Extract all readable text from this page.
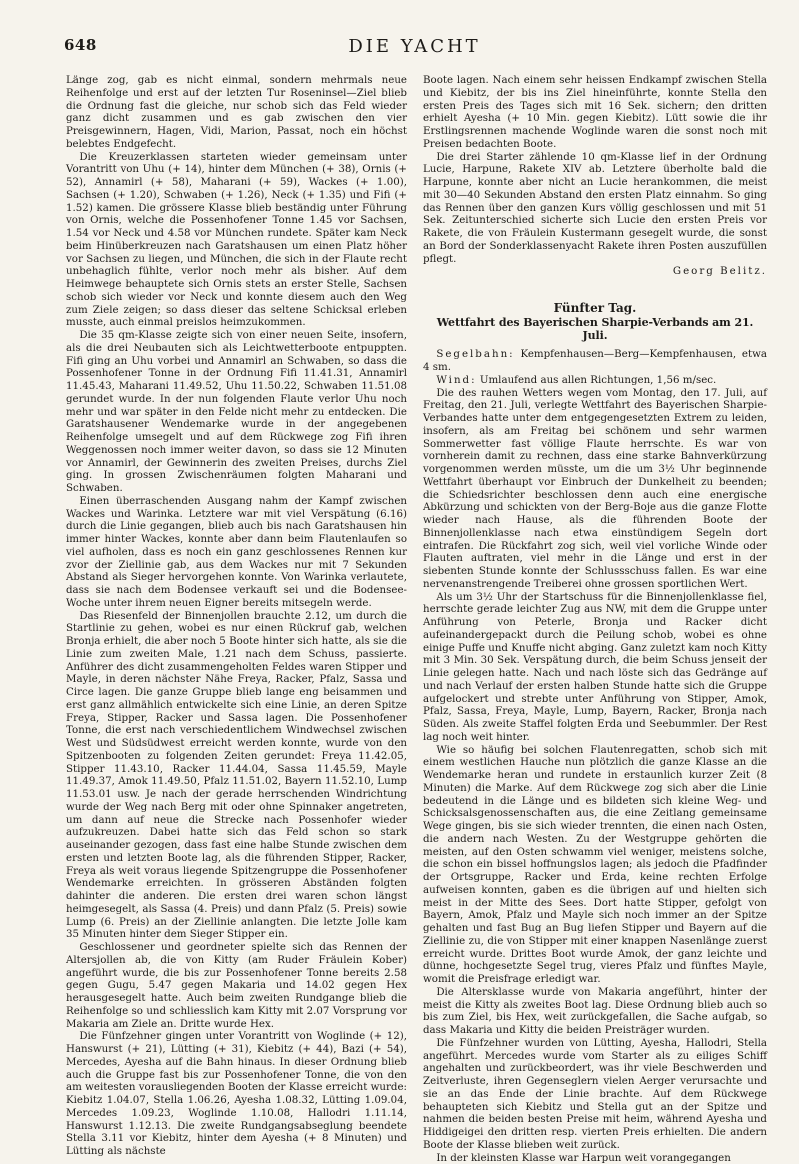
648	DIE YACHT

Länge zog, gab es nicht einmal, sondern mehrmals neue Reihenfolge und erst auf der letzten Tur Roseninsel—Ziel blieb die Ordnung fast die gleiche, nur schob sich das Feld wieder ganz dicht zusammen und es gab zwischen den vier Preisgewinnern, Hagen, Vidi, Marion, Passat, noch ein höchst belebtes Endgefecht.

Die Kreuzerklassen starteten wieder gemeinsam unter Vorantritt von Uhu (+ 14), hinter dem München (+ 38), Ornis (+ 52), Annamirl (+ 58), Maharani (+ 59), Wackes (+ 1.00), Sachsen (+ 1.20), Schwaben (+ 1.26), Neck (+ 1.35) und Fifi (+ 1.52) kamen. Die grössere Klasse blieb beständig unter Führung von Ornis, welche die Possenhofener Tonne 1.45 vor Sachsen, 1.54 vor Neck und 4.58 vor München rundete. Später kam Neck beim Hinüberkreuzen nach Garatshausen um einen Platz höher vor Sachsen zu liegen, und München, die sich in der Flaute recht unbehaglich fühlte, verlor noch mehr als bisher. Auf dem Heimwege behauptete sich Ornis stets an erster Stelle, Sachsen schob sich wieder vor Neck und konnte diesem auch den Weg zum Ziele zeigen; so dass dieser das seltene Schicksal erleben musste, auch einmal preislos heimzukommen.

Die 35 qm-Klasse zeigte sich von einer neuen Seite, insofern, als die drei Neubauten sich als Leichtwetterboote entpuppten. Fifi ging an Uhu vorbei und Annamirl an Schwaben, so dass die Possenhofener Tonne in der Ordnung Fifi 11.41.31, Annamirl 11.45.43, Maharani 11.49.52, Uhu 11.50.22, Schwaben 11.51.08 gerundet wurde. In der nun folgenden Flaute verlor Uhu noch mehr und war später in den Felde nicht mehr zu entdecken. Die Garatshausener Wendemarke wurde in der angegebenen Reihenfolge umsegelt und auf dem Rückwege zog Fifi ihren Weggenossen noch immer weiter davon, so dass sie 12 Minuten vor Annamirl, der Gewinnerin des zweiten Preises, durchs Ziel ging. In grossen Zwischenräumen folgten Maharani und Schwaben.

Einen überraschenden Ausgang nahm der Kampf zwischen Wackes und Warinka. Letztere war mit viel Verspätung (6.16) durch die Linie gegangen, blieb auch bis nach Garatshausen hin immer hinter Wackes, konnte aber dann beim Flautenlaufen so viel aufholen, dass es noch ein ganz geschlossenes Rennen kur zvor der Ziellinie gab, aus dem Wackes nur mit 7 Sekunden Abstand als Sieger hervorgehen konnte. Von Warinka verlautete, dass sie nach dem Bodensee verkauft sei und die Bodensee-Woche unter ihrem neuen Eigner bereits mitsegeln werde.

Das Riesenfeld der Binnenjollen brauchte 2.12, um durch die Startlinie zu gehen, wobei es nur einen Rückruf gab, welchen Bronja erhielt, die aber noch 5 Boote hinter sich hatte, als sie die Linie zum zweiten Male, 1.21 nach dem Schuss, passierte. Anführer des dicht zusammengeholten Feldes waren Stipper und Mayle, in deren nächster Nähe Freya, Racker, Pfalz, Sassa und Circe lagen. Die ganze Gruppe blieb lange eng beisammen und erst ganz allmählich entwickelte sich eine Linie, an deren Spitze Freya, Stipper, Racker und Sassa lagen. Die Possenhofener Tonne, die erst nach verschiedentlichem Windwechsel zwischen West und Südsüdwest erreicht werden konnte, wurde von den Spitzenbooten zu folgenden Zeiten gerundet: Freya 11.42.05, Stipper 11.43.10, Racker 11.44.04, Sassa 11.45.59, Mayle 11.49.37, Amok 11.49.50, Pfalz 11.51.02, Bayern 11.52.10, Lump 11.53.01 usw. Je nach der gerade herrschenden Windrichtung wurde der Weg nach Berg mit oder ohne Spinnaker angetreten, um dann auf neue die Strecke nach Possenhofer wieder aufzukreuzen. Dabei hatte sich das Feld schon so stark auseinander gezogen, dass fast eine halbe Stunde zwischen dem ersten und letzten Boote lag, als die führenden Stipper, Racker, Freya als weit voraus liegende Spitzengruppe die Possenhofener Wendemarke erreichten. In grösseren Abständen folgten dahinter die anderen. Die ersten drei waren schon längst heimgesegelt, als Sassa (4. Preis) und dann Pfalz (5. Preis) sowie Lump (6. Preis) an der Ziellinie anlangten. Die letzte Jolle kam 35 Minuten hinter dem Sieger Stipper ein.

Geschlossener und geordneter spielte sich das Rennen der Altersjollen ab, die von Kitty (am Ruder Fräulein Kober) angeführt wurde, die bis zur Possenhofener Tonne bereits 2.58 gegen Gugu, 5.47 gegen Makaria und 14.02 gegen Hex herausgesegelt hatte. Auch beim zweiten Rundgange blieb die Reihenfolge so und schliesslich kam Kitty mit 2.07 Vorsprung vor Makaria am Ziele an. Dritte wurde Hex.

Die Fünfzehner gingen unter Vorantritt von Woglinde (+ 12), Hanswurst (+ 21), Lütting (+ 31), Kiebitz (+ 44), Bazi (+ 54), Mercedes, Ayesha auf die Bahn hinaus. In dieser Ordnung blieb auch die Gruppe fast bis zur Possenhofener Tonne, die von den am weitesten vorausliegenden Booten der Klasse erreicht wurde: Kiebitz 1.04.07, Stella 1.06.26, Ayesha 1.08.32, Lütting 1.09.04, Mercedes 1.09.23, Woglinde 1.10.08, Hallodri 1.11.14, Hanswurst 1.12.13. Die zweite Rundgangsabseglung beendete Stella 3.11 vor Kiebitz, hinter dem Ayesha (+ 8 Minuten) und Lütting als nächste

Boote lagen. Nach einem sehr heissen Endkampf zwischen Stella und Kiebitz, der bis ins Ziel hineinführte, konnte Stella den ersten Preis des Tages sich mit 16 Sek. sichern; den dritten erhielt Ayesha (+ 10 Min. gegen Kiebitz). Lütt sowie die ihr Erstlingsrennen machende Woglinde waren die sonst noch mit Preisen bedachten Boote.

Die drei Starter zählende 10 qm-Klasse lief in der Ordnung Lucie, Harpune, Rakete XIV ab. Letztere überholte bald die Harpune, konnte aber nicht an Lucie herankommen, die meist mit 30—40 Sekunden Abstand den ersten Platz einnahm. So ging das Rennen über den ganzen Kurs völlig geschlossen und mit 51 Sek. Zeitunterschied sicherte sich Lucie den ersten Preis vor Rakete, die von Fräulein Kustermann gesegelt wurde, die sonst an Bord der Sonderklassenyacht Rakete ihren Posten auszufüllen pflegt.

Georg Belitz.

Fünfter Tag.
Wettfahrt des Bayerischen Sharpie-Verbands am 21. Juli.

Segelbahn: Kempfenhausen—Berg—Kempfenhausen, etwa 4 sm.

Wind: Umlaufend aus allen Richtungen, 1,56 m/sec.

Die des rauhen Wetters wegen vom Montag, den 17. Juli, auf Freitag, den 21. Juli, verlegte Wettfahrt des Bayerischen Sharpie-Verbandes hatte unter dem entgegengesetzten Extrem zu leiden, insofern, als am Freitag bei schönem und sehr warmen Sommerwetter fast völlige Flaute herrschte. Es war von vornherein damit zu rechnen, dass eine starke Bahnverkürzung vorgenommen werden müsste, um die um 3½ Uhr beginnende Wettfahrt überhaupt vor Einbruch der Dunkelheit zu beenden; die Schiedsrichter beschlossen denn auch eine energische Abkürzung und schickten von der Berg-Boje aus die ganze Flotte wieder nach Hause, als die führenden Boote der Binnenjollenklasse nach etwa einstündigem Segeln dort eintrafen. Die Rückfahrt zog sich, weil viel vorliche Winde oder Flauten auftraten, viel mehr in die Länge und erst in der siebenten Stunde konnte der Schlussschuss fallen. Es war eine nervenanstrengende Treiberei ohne grossen sportlichen Wert.

Als um 3½ Uhr der Startschuss für die Binnenjollenklasse fiel, herrschte gerade leichter Zug aus NW, mit dem die Gruppe unter Anführung von Peterle, Bronja und Racker dicht aufeinandergepackt durch die Peilung schob, wobei es ohne einige Puffe und Knuffe nicht abging. Ganz zuletzt kam noch Kitty mit 3 Min. 30 Sek. Verspätung durch, die beim Schuss jenseit der Linie gelegen hatte. Nach und nach löste sich das Gedränge auf und nach Verlauf der ersten halben Stunde hatte sich die Gruppe aufgelockert und strebte unter Anführung von Stipper, Amok, Pfalz, Sassa, Freya, Mayle, Lump, Bayern, Racker, Bronja nach Süden. Als zweite Staffel folgten Erda und Seebummler. Der Rest lag noch weit hinter.

Wie so häufig bei solchen Flautenregatten, schob sich mit einem westlichen Hauche nun plötzlich die ganze Klasse an die Wendemarke heran und rundete in erstaunlich kurzer Zeit (8 Minuten) die Marke. Auf dem Rückwege zog sich aber die Linie bedeutend in die Länge und es bildeten sich kleine Weg- und Schicksalsgenossenschaften aus, die eine Zeitlang gemeinsame Wege gingen, bis sie sich wieder trennten, die einen nach Osten, die andern nach Westen. Zu der Westgruppe gehörten die meisten, auf den Osten schwamm viel weniger, meistens solche, die schon ein bissel hoffnungslos lagen; als jedoch die Pfadfinder der Ortsgruppe, Racker und Erda, keine rechten Erfolge aufweisen konnten, gaben es die übrigen auf und hielten sich meist in der Mitte des Sees. Dort hatte Stipper, gefolgt von Bayern, Amok, Pfalz und Mayle sich noch immer an der Spitze gehalten und fast Bug an Bug liefen Stipper und Bayern auf die Ziellinie zu, die von Stipper mit einer knappen Nasenlänge zuerst erreicht wurde. Drittes Boot wurde Amok, der ganz leichte und dünne, hochgesetzte Segel trug, vieres Pfalz und fünftes Mayle, womit die Preisfrage erledigt war.

Die Altersklasse wurde von Makaria angeführt, hinter der meist die Kitty als zweites Boot lag. Diese Ordnung blieb auch so bis zum Ziel, bis Hex, weit zurückgefallen, die Sache aufgab, so dass Makaria und Kitty die beiden Preisträger wurden.

Die Fünfzehner wurden von Lütting, Ayesha, Hallodri, Stella angeführt. Mercedes wurde vom Starter als zu eiliges Schiff angehalten und zurückbeordert, was ihr viele Beschwerden und Zeitverluste, ihren Gegenseglern vielen Aerger verursachte und sie an das Ende der Linie brachte. Auf dem Rückwege behaupteten sich Kiebitz und Stella gut an der Spitze und nahmen die beiden besten Preise mit heim, während Ayesha und Hiddigeigei den dritten resp. vierten Preis erhielten. Die andern Boote der Klasse blieben weit zurück.

In der kleinsten Klasse war Harpun weit vorangegangen
